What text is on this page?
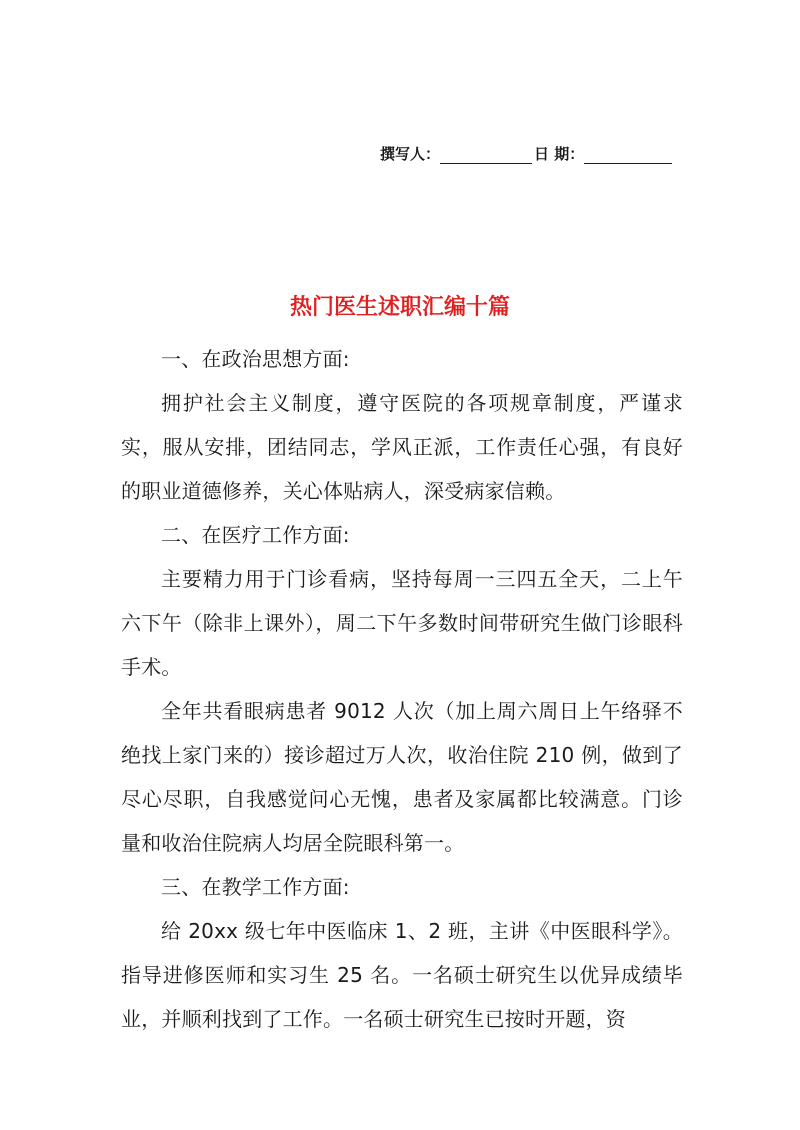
撰写人：	日 期：
热门医生述职汇编十篇

一、在政治思想方面:

拥护社会主义制度，遵守医院的各项规章制度，严谨求实，服从安排，团结同志，学风正派，工作责任心强，有良好的职业道德修养，关心体贴病人，深受病家信赖。

二、在医疗工作方面:

主要精力用于门诊看病，坚持每周一三四五全天，二上午六下午（除非上课外），周二下午多数时间带研究生做门诊眼科手术。

全年共看眼病患者 9012 人次（加上周六周日上午络驿不绝找上家门来的）接诊超过万人次，收治住院 210 例，做到了尽心尽职，自我感觉问心无愧，患者及家属都比较满意。门诊量和收治住院病人均居全院眼科第一。

三、在教学工作方面:

给 20xx 级七年中医临床 1、2 班，主讲《中医眼科学》。指导进修医师和实习生 25 名。一名硕士研究生以优异成绩毕业，并顺利找到了工作。一名硕士研究生已按时开题，资
